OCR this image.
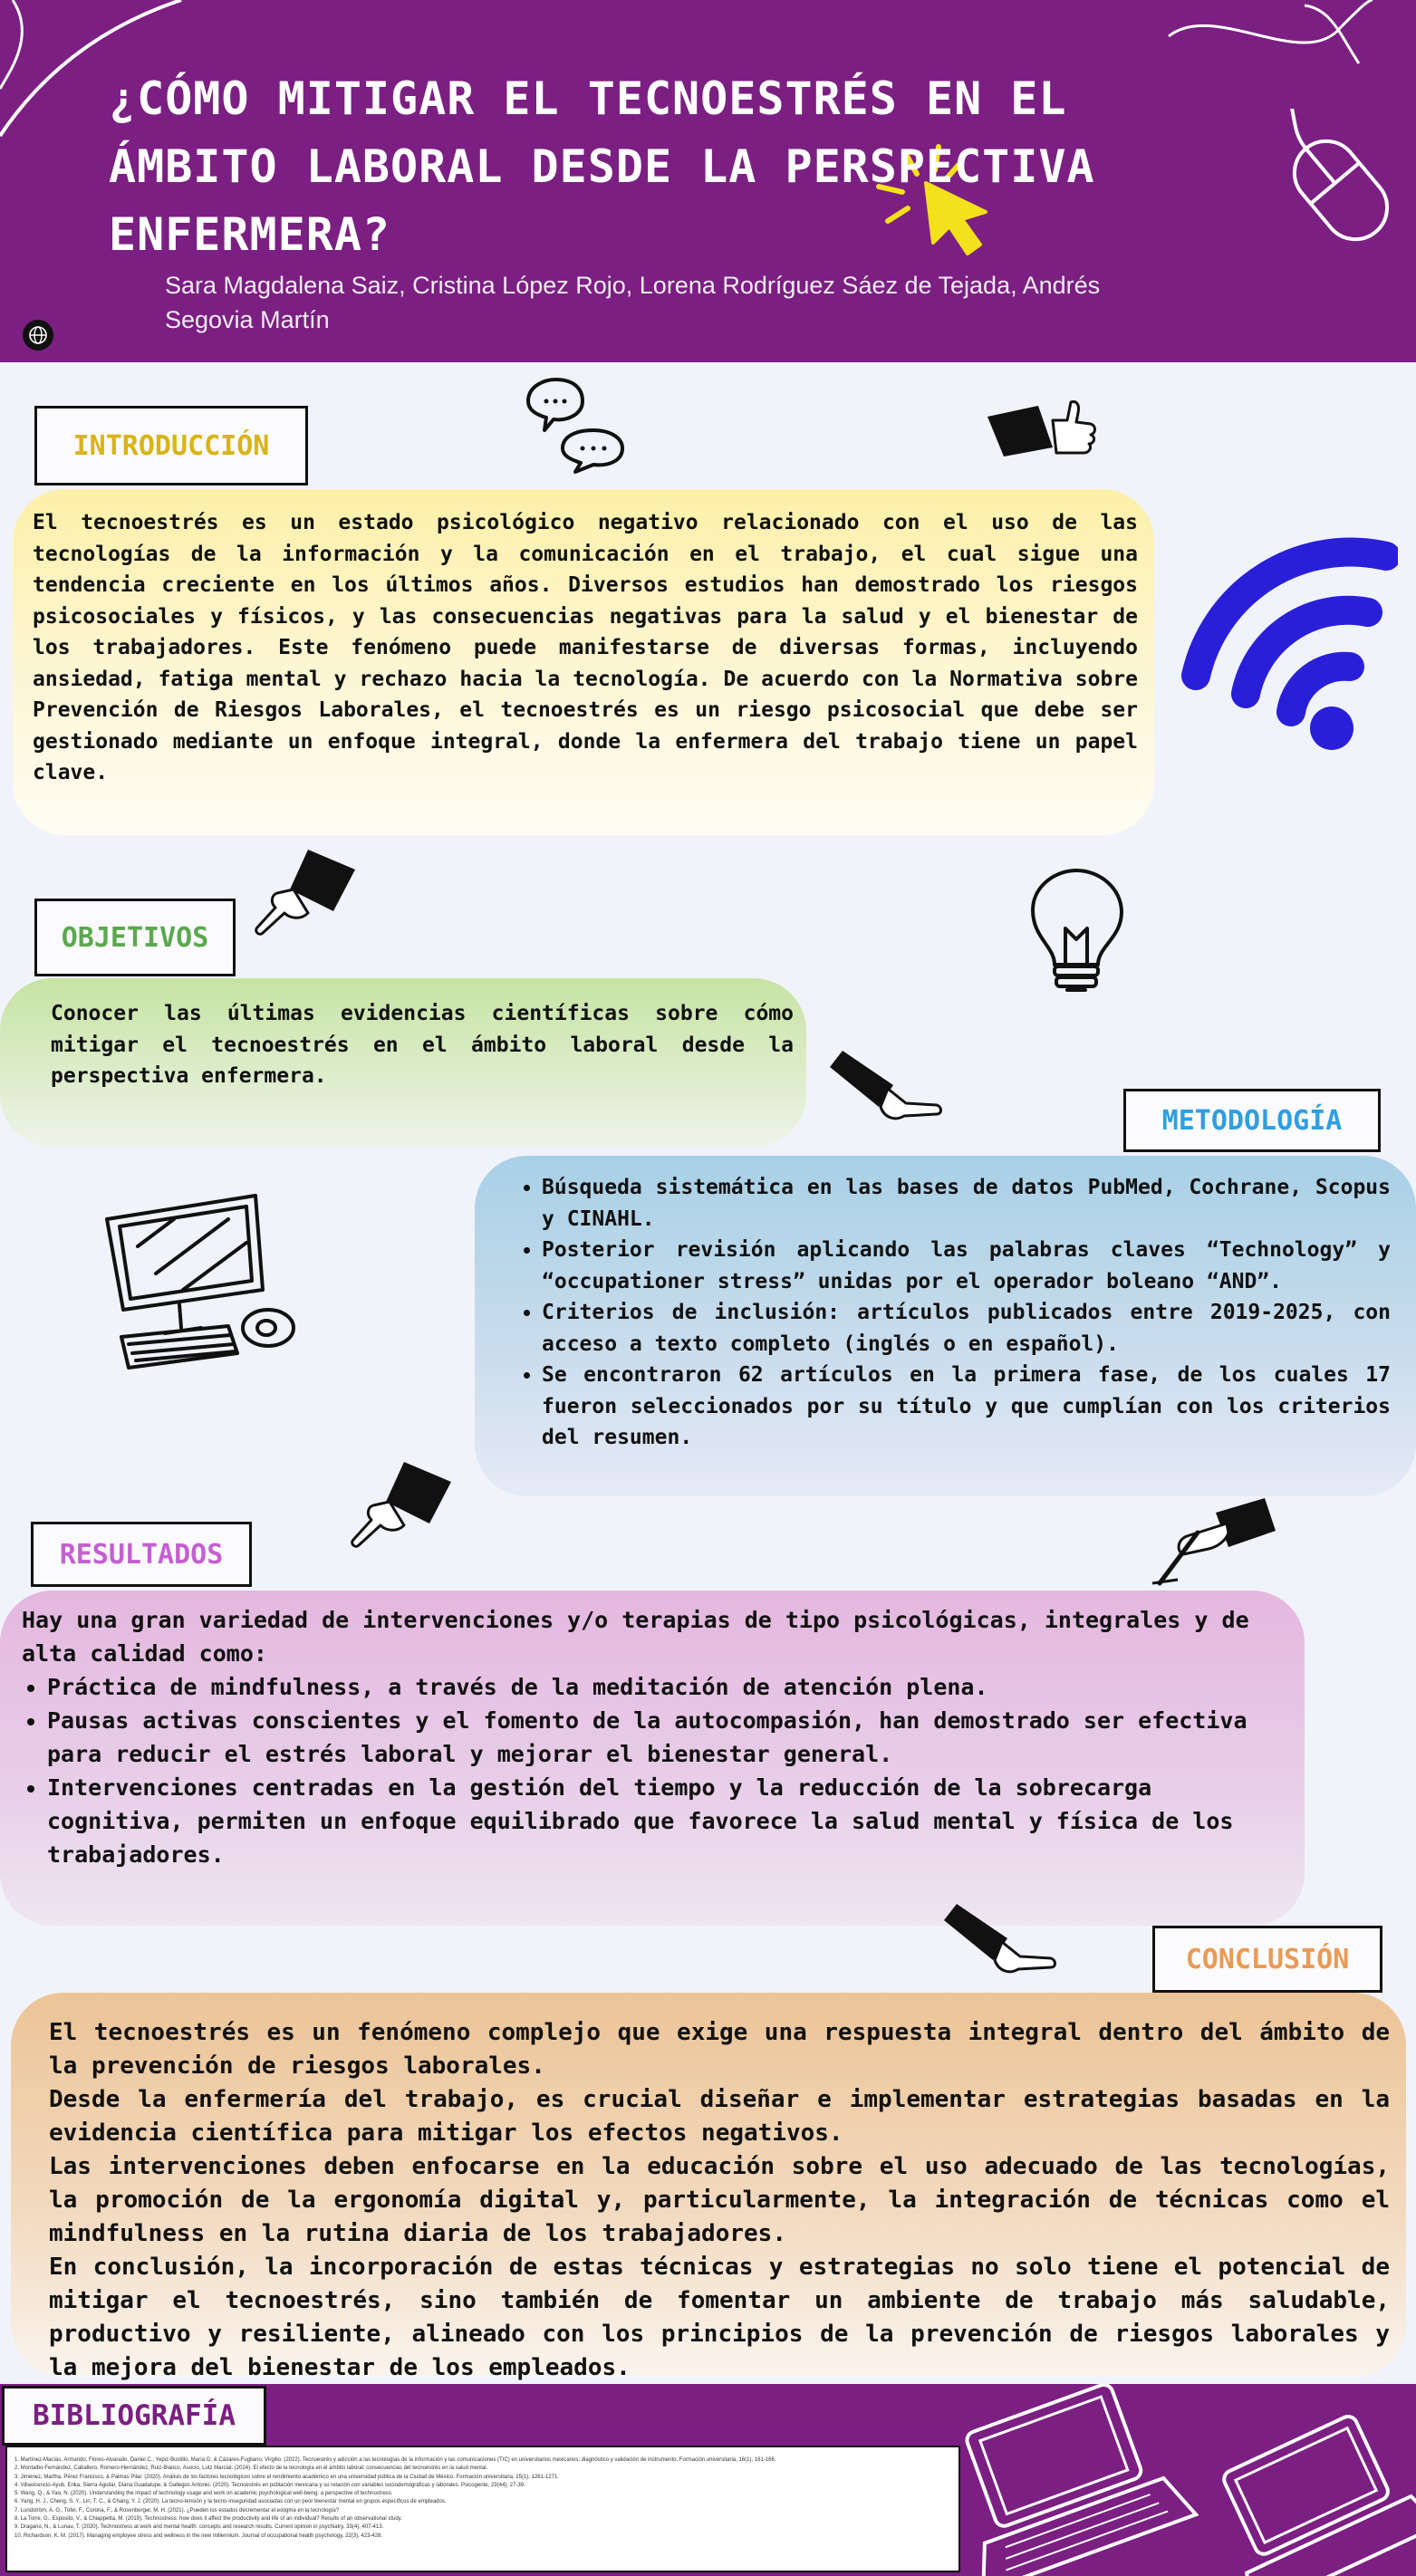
¿CÓMO MITIGAR EL TECNOESTRÉS EN EL ÁMBITO LABORAL DESDE LA PERSPECTIVA ENFERMERA?

Sara Magdalena Saiz, Cristina López Rojo, Lorena Rodríguez Sáez de Tejada, Andrés Segovia Martín

INTRODUCCIÓN

El tecnoestrés es un estado psicológico negativo relacionado con el uso de las tecnologías de la información y la comunicación en el trabajo, el cual sigue una tendencia creciente en los últimos años. Diversos estudios han demostrado los riesgos psicosociales y físicos, y las consecuencias negativas para la salud y el bienestar de los trabajadores. Este fenómeno puede manifestarse de diversas formas, incluyendo ansiedad, fatiga mental y rechazo hacia la tecnología. De acuerdo con la Normativa sobre Prevención de Riesgos Laborales, el tecnoestrés es un riesgo psicosocial que debe ser gestionado mediante un enfoque integral, donde la enfermera del trabajo tiene un papel clave.

OBJETIVOS

Conocer las últimas evidencias científicas sobre cómo mitigar el tecnoestrés en el ámbito laboral desde la perspectiva enfermera.

METODOLOGÍA
• Búsqueda sistemática en las bases de datos PubMed, Cochrane, Scopus y CINAHL.
• Posterior revisión aplicando las palabras claves “Technology” y “occupationer stress” unidas por el operador boleano “AND”.
• Criterios de inclusión: artículos publicados entre 2019-2025, con acceso a texto completo (inglés o en español).
• Se encontraron 62 artículos en la primera fase, de los cuales 17 fueron seleccionados por su título y que cumplían con los criterios del resumen.
RESULTADOS

Hay una gran variedad de intervenciones y/o terapias de tipo psicológicas, integrales y de alta calidad como:

• Práctica de mindfulness, a través de la meditación de atención plena.
• Pausas activas conscientes y el fomento de la autocompasión, han demostrado ser efectiva para reducir el estrés laboral y mejorar el bienestar general.
• Intervenciones centradas en la gestión del tiempo y la reducción de la sobrecarga cognitiva, permiten un enfoque equilibrado que favorece la salud mental y física de los trabajadores.
CONCLUSIÓN

El tecnoestrés es un fenómeno complejo que exige una respuesta integral dentro del ámbito de la prevención de riesgos laborales.

Desde la enfermería del trabajo, es crucial diseñar e implementar estrategias basadas en la evidencia científica para mitigar los efectos negativos.

Las intervenciones deben enfocarse en la educación sobre el uso adecuado de las tecnologías, la promoción de la ergonomía digital y, particularmente, la integración de técnicas como el mindfulness en la rutina diaria de los trabajadores.

En conclusión, la incorporación de estas técnicas y estrategias no solo tiene el potencial de mitigar el tecnoestrés, sino también de fomentar un ambiente de trabajo más saludable, productivo y resiliente, alineado con los principios de la prevención de riesgos laborales y la mejora del bienestar de los empleados.

BIBLIOGRAFÍA
1. Martínez-Macías, Armando; Flores-Alvarado, Daniel C.; Yepiz-Bustillo, María G. & Cázares-Fugliano, Virgilio. (2022). Tecnoestrés y adicción a las tecnologías de la información y las comunicaciones (TIC) en universitarios mexicanos: diagnóstico y validación de instrumento. Formación universitaria, 16(1), 161-166.
2. Montalbo-Fernández, Caballero, Romero-Hernández, Ruiz-Blanco, Asocio, Lutz Marcial. (2024). El efecto de la tecnología en el ámbito laboral: consecuencias del tecnoestrés en la salud mental.
3. Jiménez, Martha, Pérez Francisco, & Palmas Pilar. (2020). Análisis de los factores tecnológicos sobre el rendimiento académico en una universidad pública de la Ciudad de México. Formación universitaria, 15(1), 1261-1271.
4. Villavicencio-Ayub, Erika, Sierra Aguilar, Diana Guadalupe, & Gallegos Antonio. (2020). Tecnoestrés en población mexicana y su relación con variables sociodemográficas y laborales. Psicogente, 23(44), 27-39.
5. Wang, Q., & Yao, N. (2020). Understanding the impact of technology usage and work on academic psychological well-being: a perspective of technostress.
6. Yang, H. J., Cheng, S. Y., Lin, T. C., & Chang, Y. J. (2020). La tecno-tensión y la tecno-inseguridad asociadas con un peor bienestar mental en grupos específicos de empleados.
7. Lundström, A. G., Tofel, F., Corona, F., & Rosenberger, M. H. (2021). ¿Pueden los estados decrementar el estigma en la tecnología?
8. La Torre, G., Esposito, V., & Chiappetta, M. (2019). Technostress: how does it affect the productivity and life of an individual? Results of an observational study.
9. Dragano, N., & Lunau, T. (2020). Technostress at work and mental health: concepts and research results. Current opinion in psychiatry, 33(4), 407-413.
10. Richardson, K. M. (2017). Managing employee stress and wellness in the new millennium. Journal of occupational health psychology, 22(3), 423-428.
